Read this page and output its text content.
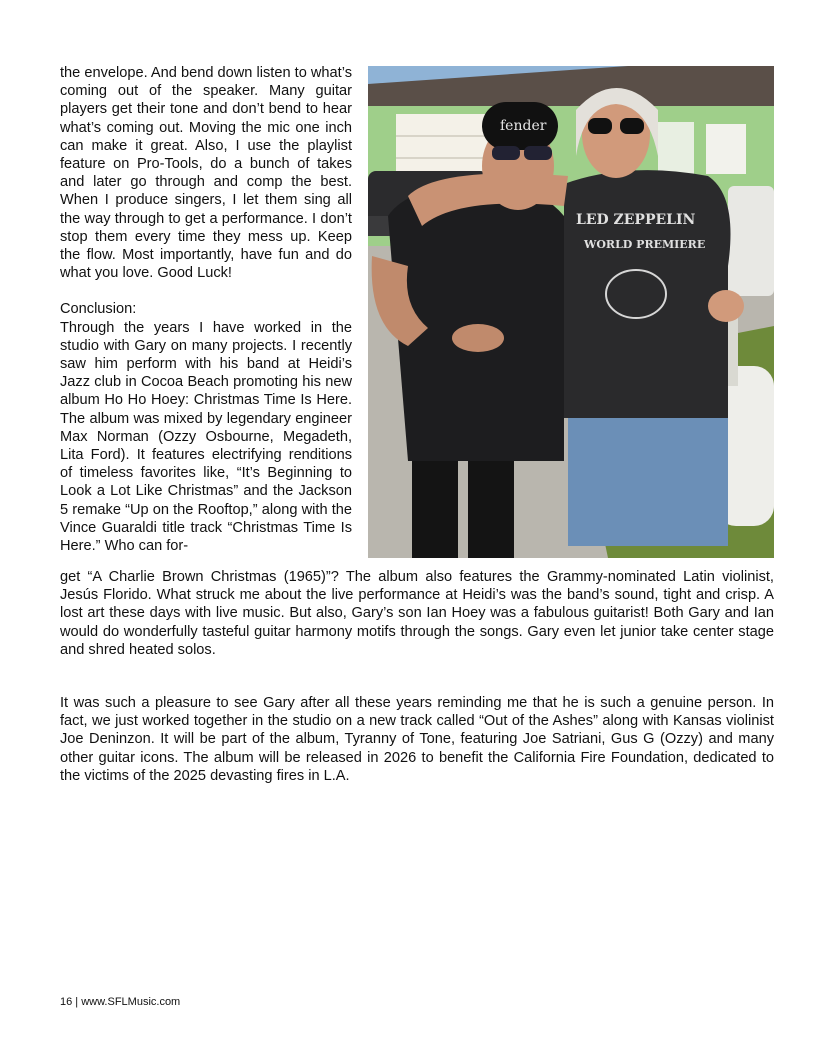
the envelope. And bend down listen to what’s coming out of the speaker. Many guitar players get their tone and don’t bend to hear what’s coming out. Moving the mic one inch can make it great. Also, I use the playlist feature on Pro-Tools, do a bunch of takes and later go through and comp the best. When I produce singers, I let them sing all the way through to get a performance. I don’t stop them every time they mess up. Keep the flow. Most importantly, have fun and do what you love. Good Luck!

Conclusion:

Through the years I have worked in the studio with Gary on many projects. I recently saw him perform with his band at Heidi’s Jazz club in Cocoa Beach promoting his new album Ho Ho Hoey: Christmas Time Is Here. The album was mixed by legendary engineer Max Norman (Ozzy Osbourne, Megadeth, Lita Ford). It features electrifying renditions of timeless favorites like, “It’s Beginning to Look a Lot Like Christmas” and the Jackson 5 remake “Up on the Rooftop,” along with the Vince Guaraldi title track “Christmas Time Is Here.” Who can for-

fender
LED ZEPPELIN
WORLD PREMIERE

get “A Charlie Brown Christmas (1965)”? The album also features the Grammy-nominated Latin violinist, Jesús Florido. What struck me about the live performance at Heidi’s was the band’s sound, tight and crisp. A lost art these days with live music. But also, Gary’s son Ian Hoey was a fabulous guitarist! Both Gary and Ian would do wonderfully tasteful guitar harmony motifs through the songs. Gary even let junior take center stage and shred heated solos.

It was such a pleasure to see Gary after all these years reminding me that he is such a genuine person. In fact, we just worked together in the studio on a new track called “Out of the Ashes” along with Kansas violinist Joe Deninzon. It will be part of the album, Tyranny of Tone, featuring Joe Satriani, Gus G (Ozzy) and many other guitar icons. The album will be released in 2026 to benefit the California Fire Foundation, dedicated to the victims of the 2025 devasting fires in L.A.

16 | www.SFLMusic.com
